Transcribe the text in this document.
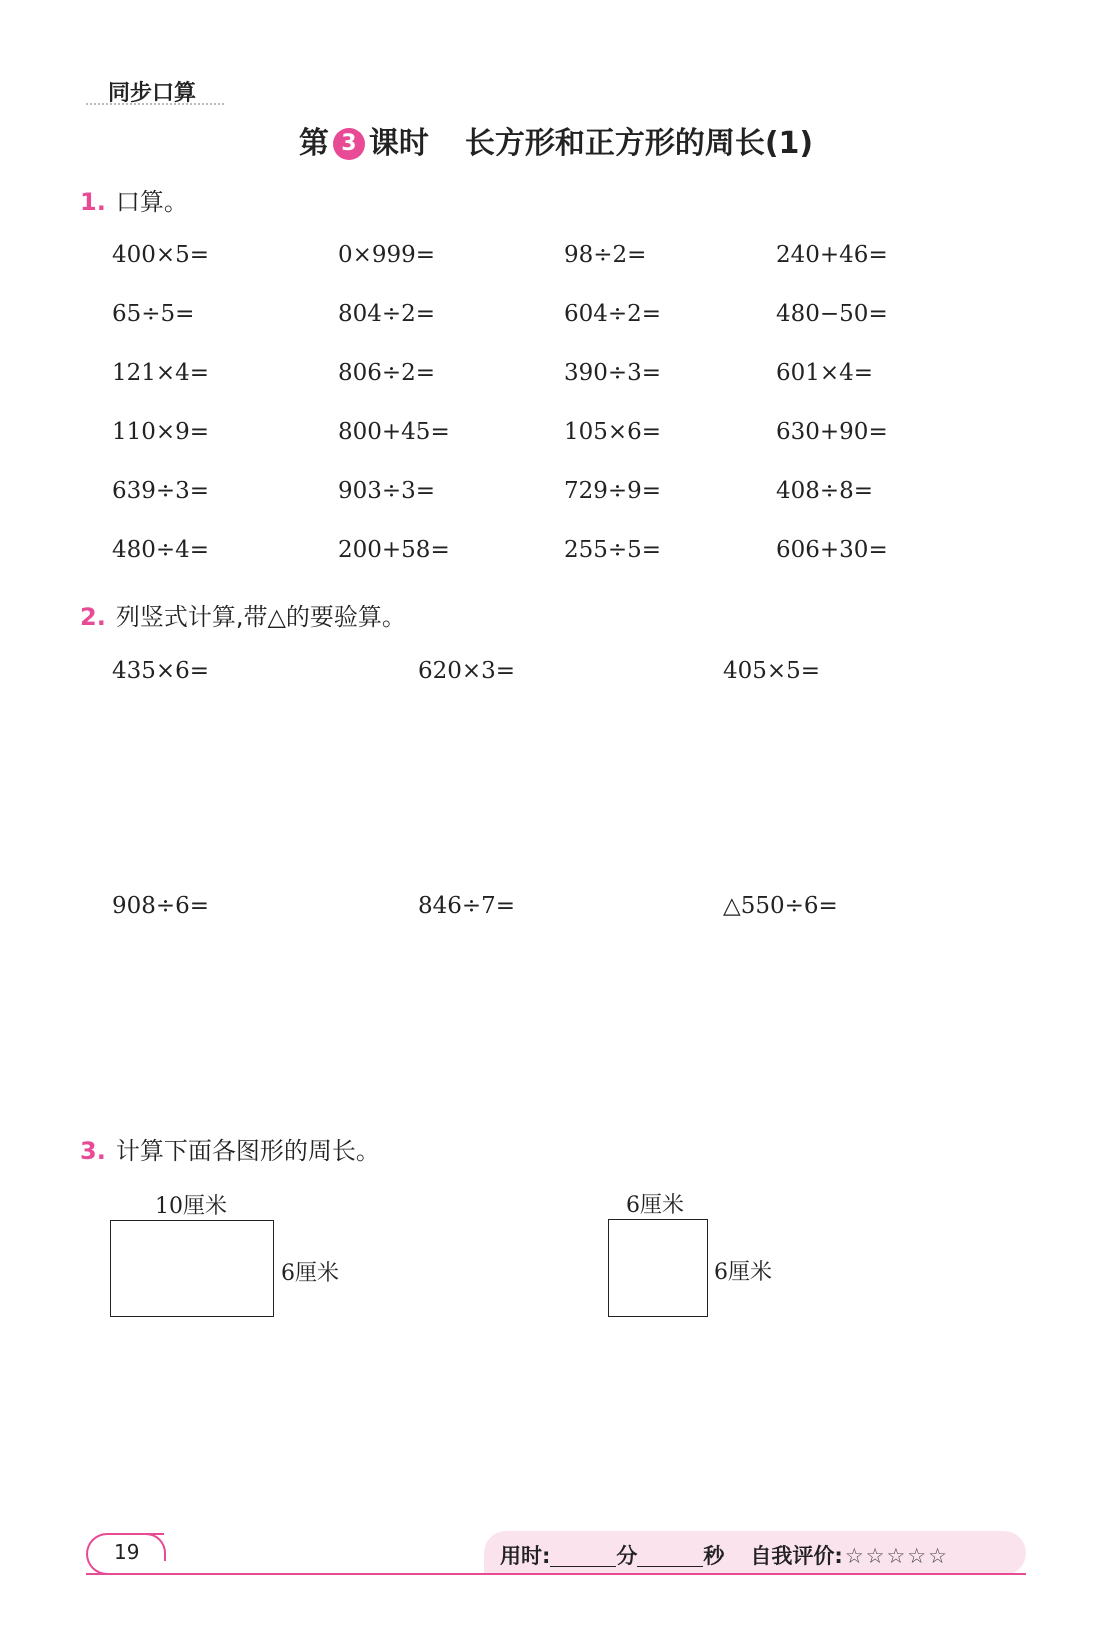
同步口算
第 3 课时 长方形和正方形的周长(1)
1. 口算。
400×5=	0×999=	98÷2=	240+46=
65÷5=	804÷2=	604÷2=	480−50=
121×4=	806÷2=	390÷3=	601×4=
110×9=	800+45=	105×6=	630+90=
639÷3=	903÷3=	729÷9=	408÷8=
480÷4=	200+58=	255÷5=	606+30=
2. 列竖式计算,带△的要验算。
435×6=	620×3=	405×5=
908÷6=	846÷7=	△550÷6=
3. 计算下面各图形的周长。
10厘米
6厘米
6厘米
6厘米
19	用时:	分	秒 自我评价:☆☆☆☆☆
